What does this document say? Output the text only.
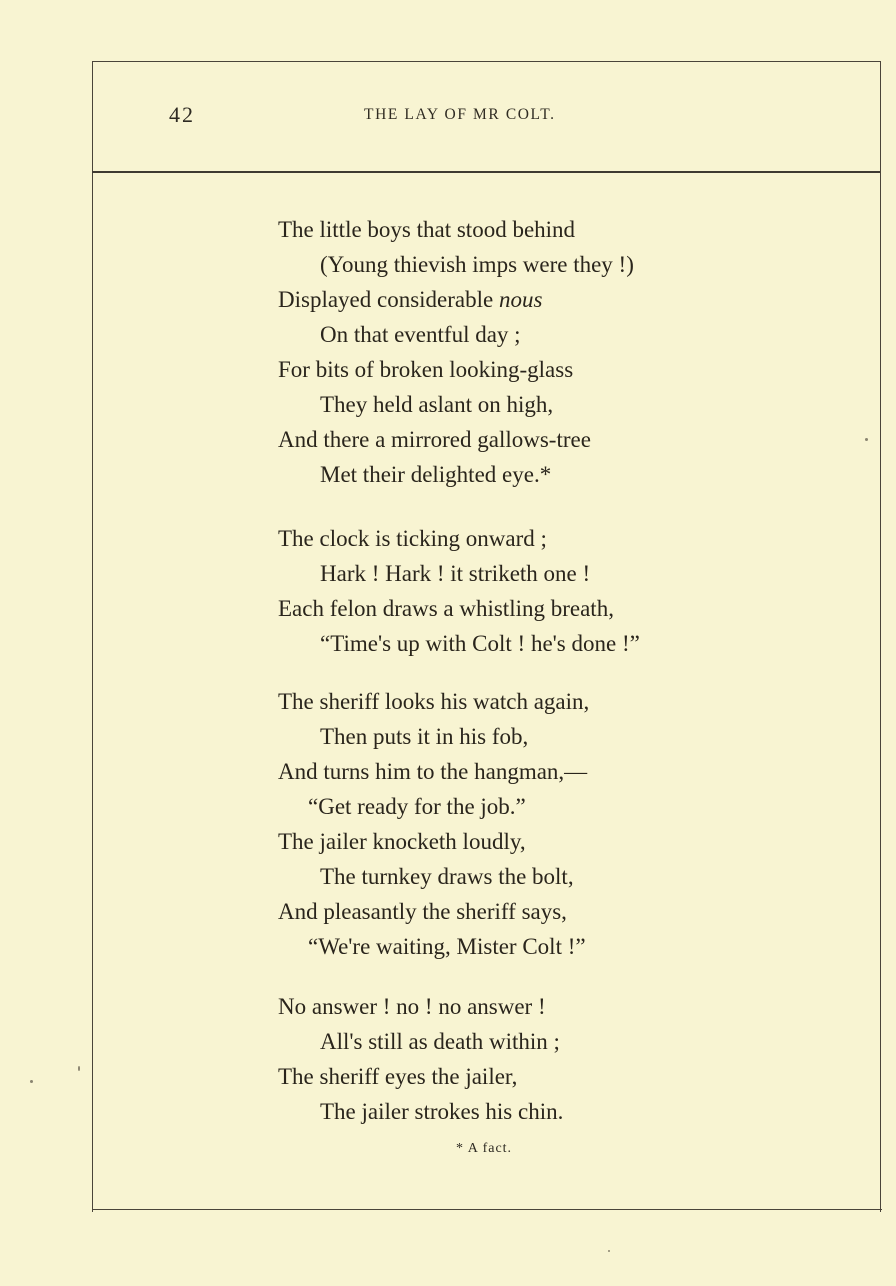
42	THE LAY OF MR COLT.
The little boys that stood behind
(Young thievish imps were they !)
Displayed considerable nous
On that eventful day ;
For bits of broken looking-glass
They held aslant on high,
And there a mirrored gallows-tree
Met their delighted eye.*
The clock is ticking onward ;
Hark ! Hark ! it striketh one !
Each felon draws a whistling breath,
“Time's up with Colt ! he's done !”
The sheriff looks his watch again,
Then puts it in his fob,
And turns him to the hangman,—
“Get ready for the job.”
The jailer knocketh loudly,
The turnkey draws the bolt,
And pleasantly the sheriff says,
“We're waiting, Mister Colt !”
No answer ! no ! no answer !
All's still as death within ;
The sheriff eyes the jailer,
The jailer strokes his chin.
* A fact.
